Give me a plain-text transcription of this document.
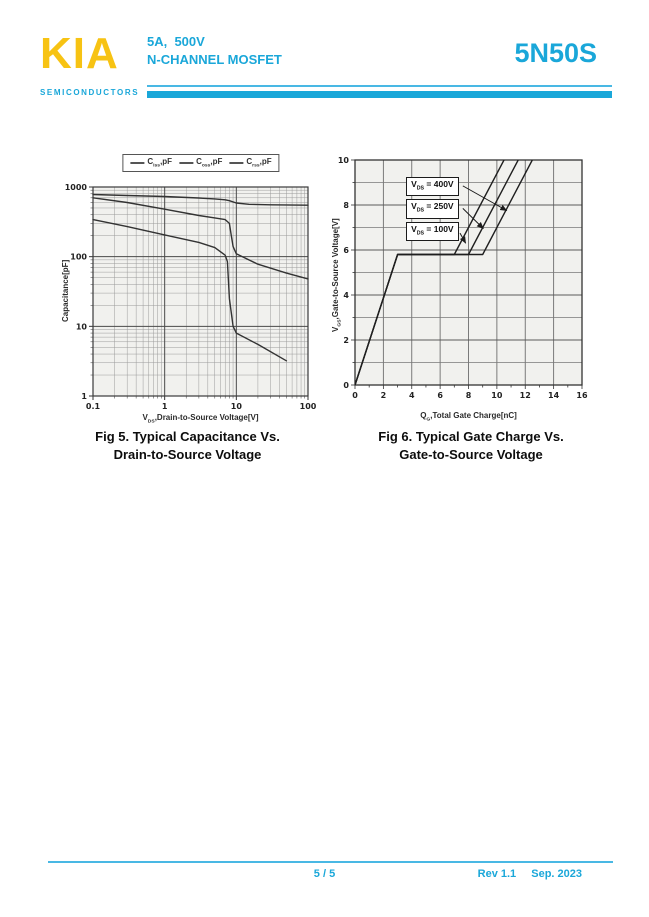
KIA
SEMICONDUCTORS
5A,  500V
N-CHANNEL MOSFET	5N50S
$C_{iss},pF$	$C_{oss},pF$	$C_{rss},pF$
0.1	1	10	100
1
10
100
1000
$V_{DS},Drain-to$-Source Voltage[V]
Capacitance[pF]
Fig 5. Typical Capacitance Vs.
Drain-to-Source Voltage
0	2	4	6	8	10 12 14 16
0
2
4
6
8
10
$V_{DS} = 400V$
$V_{DS} = 250V$
$V_{DS} = 100V$
$Q_G,Total$ Gate Charge[nC]
$V_{GS},Gate-to$-Source Voltage[V]
Fig 6. Typical Gate Charge Vs.
Gate-to-Source Voltage
5 / 5	Rev 1.1 Sep. 2023
